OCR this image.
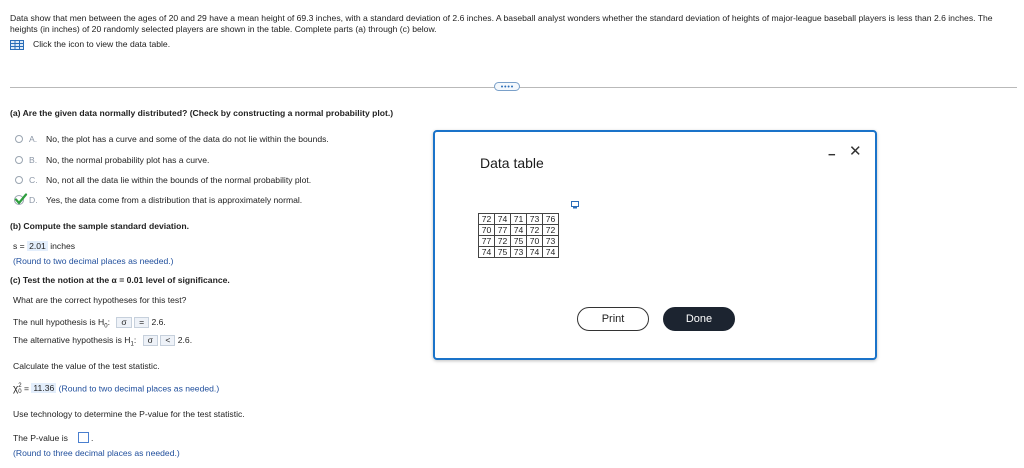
Data show that men between the ages of 20 and 29 have a mean height of 69.3 inches, with a standard deviation of 2.6 inches. A baseball analyst wonders whether the standard deviation of heights of major-league baseball players is less than 2.6 inches. The heights (in inches) of 20 randomly selected players are shown in the table. Complete parts (a) through (c) below.
Click the icon to view the data table.
(a) Are the given data normally distributed? (Check by constructing a normal probability plot.)
A. No, the plot has a curve and some of the data do not lie within the bounds.
B. No, the normal probability plot has a curve.
C. No, not all the data lie within the bounds of the normal probability plot.
D. Yes, the data come from a distribution that is approximately normal.
(b) Compute the sample standard deviation.
s = 2.01 inches
(Round to two decimal places as needed.)
(c) Test the notion at the α = 0.01 level of significance.
What are the correct hypotheses for this test?
The null hypothesis is $H_0$: σ = 2.6.
The alternative hypothesis is $H_1$: σ < 2.6.
Calculate the value of the test statistic.
χ 2
0 = 11.36 (Round to two decimal places as needed.)
Use technology to determine the P-value for the test statistic.
The P-value is	.
(Round to three decimal places as needed.)
Data table
− ✕
72	74	71	73	76
70	77	74	72	72
77	72	75	70	73
74	75	73	74	74
Print	Done
